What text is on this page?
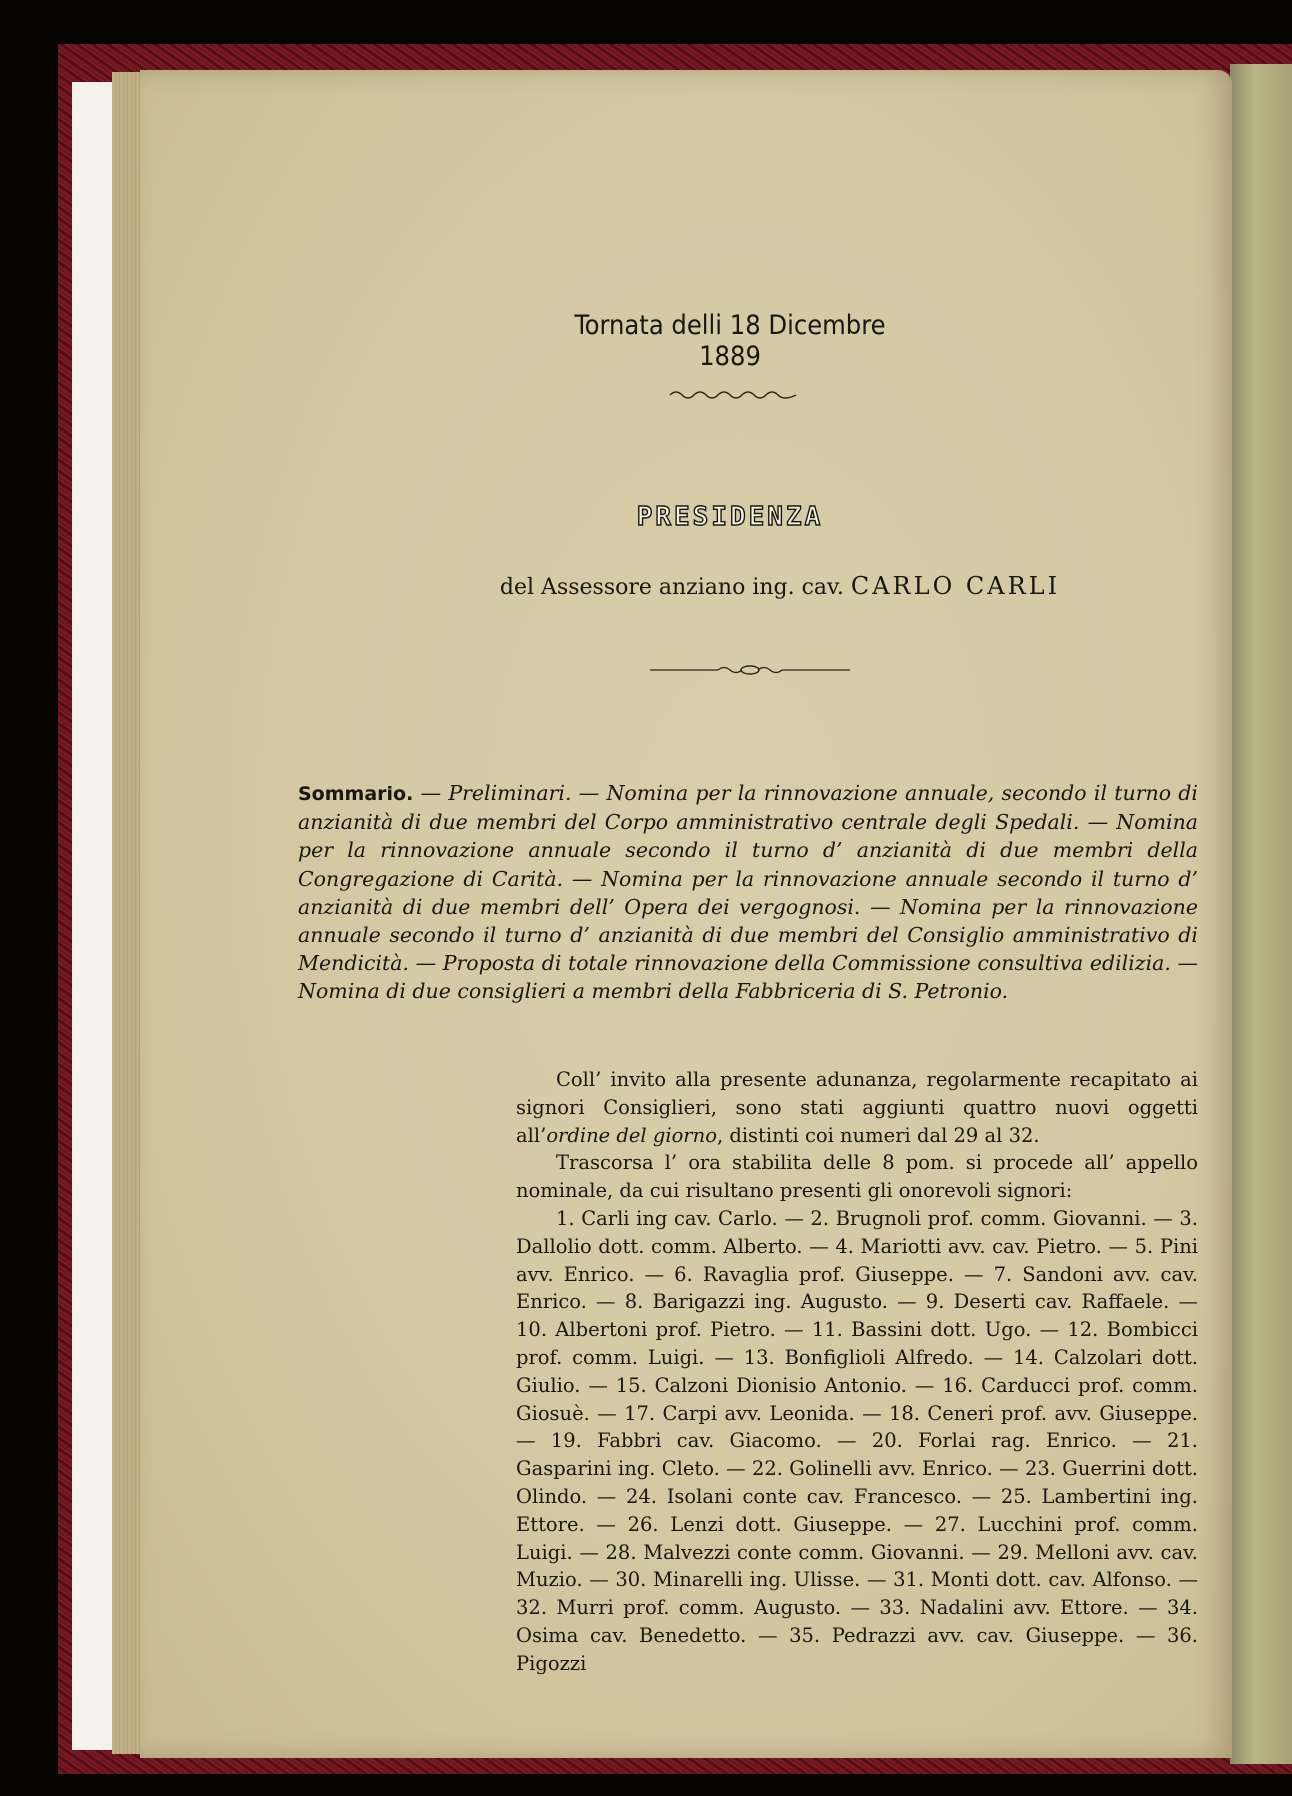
Tornata delli 18 Dicembre 1889
PRESIDENZA
del Assessore anziano ing. cav. CARLO CARLI
Sommario. — Preliminari. — Nomina per la rinnovazione annuale, secondo il turno di anzianità di due membri del Corpo amministrativo centrale degli Spedali. — Nomina per la rinnovazione annuale secondo il turno d’ anzianità di due membri della Congregazione di Carità. — Nomina per la rinnovazione annuale secondo il turno d’ anzianità di due membri dell’ Opera dei vergognosi. — Nomina per la rinnovazione annuale secondo il turno d’ anzianità di due membri del Consiglio amministrativo di Mendicità. — Proposta di totale rinnovazione della Commissione consultiva edilizia. — Nomina di due consiglieri a membri della Fabbriceria di S. Petronio.

Coll’ invito alla presente adunanza, regolarmente recapitato ai signori Consiglieri, sono stati aggiunti quattro nuovi oggetti all’ordine del giorno, distinti coi numeri dal 29 al 32.

Trascorsa l’ ora stabilita delle 8 pom. si procede all’ appello nominale, da cui risultano presenti gli onorevoli signori:

1. Carli ing cav. Carlo. — 2. Brugnoli prof. comm. Giovanni. — 3. Dallolio dott. comm. Alberto. — 4. Mariotti avv. cav. Pietro. — 5. Pini avv. Enrico. — 6. Ravaglia prof. Giuseppe. — 7. Sandoni avv. cav. Enrico. — 8. Barigazzi ing. Augusto. — 9. Deserti cav. Raffaele. — 10. Albertoni prof. Pietro. — 11. Bassini dott. Ugo. — 12. Bombicci prof. comm. Luigi. — 13. Bonfiglioli Alfredo. — 14. Calzolari dott. Giulio. — 15. Calzoni Dionisio Antonio. — 16. Carducci prof. comm. Giosuè. — 17. Carpi avv. Leonida. — 18. Ceneri prof. avv. Giuseppe. — 19. Fabbri cav. Giacomo. — 20. Forlai rag. Enrico. — 21. Gasparini ing. Cleto. — 22. Golinelli avv. Enrico. — 23. Guerrini dott. Olindo. — 24. Isolani conte cav. Francesco. — 25. Lambertini ing. Ettore. — 26. Lenzi dott. Giuseppe. — 27. Lucchini prof. comm. Luigi. — 28. Malvezzi conte comm. Giovanni. — 29. Melloni avv. cav. Muzio. — 30. Minarelli ing. Ulisse. — 31. Monti dott. cav. Alfonso. — 32. Murri prof. comm. Augusto. — 33. Nadalini avv. Ettore. — 34. Osima cav. Benedetto. — 35. Pedrazzi avv. cav. Giuseppe. — 36. Pigozzi
